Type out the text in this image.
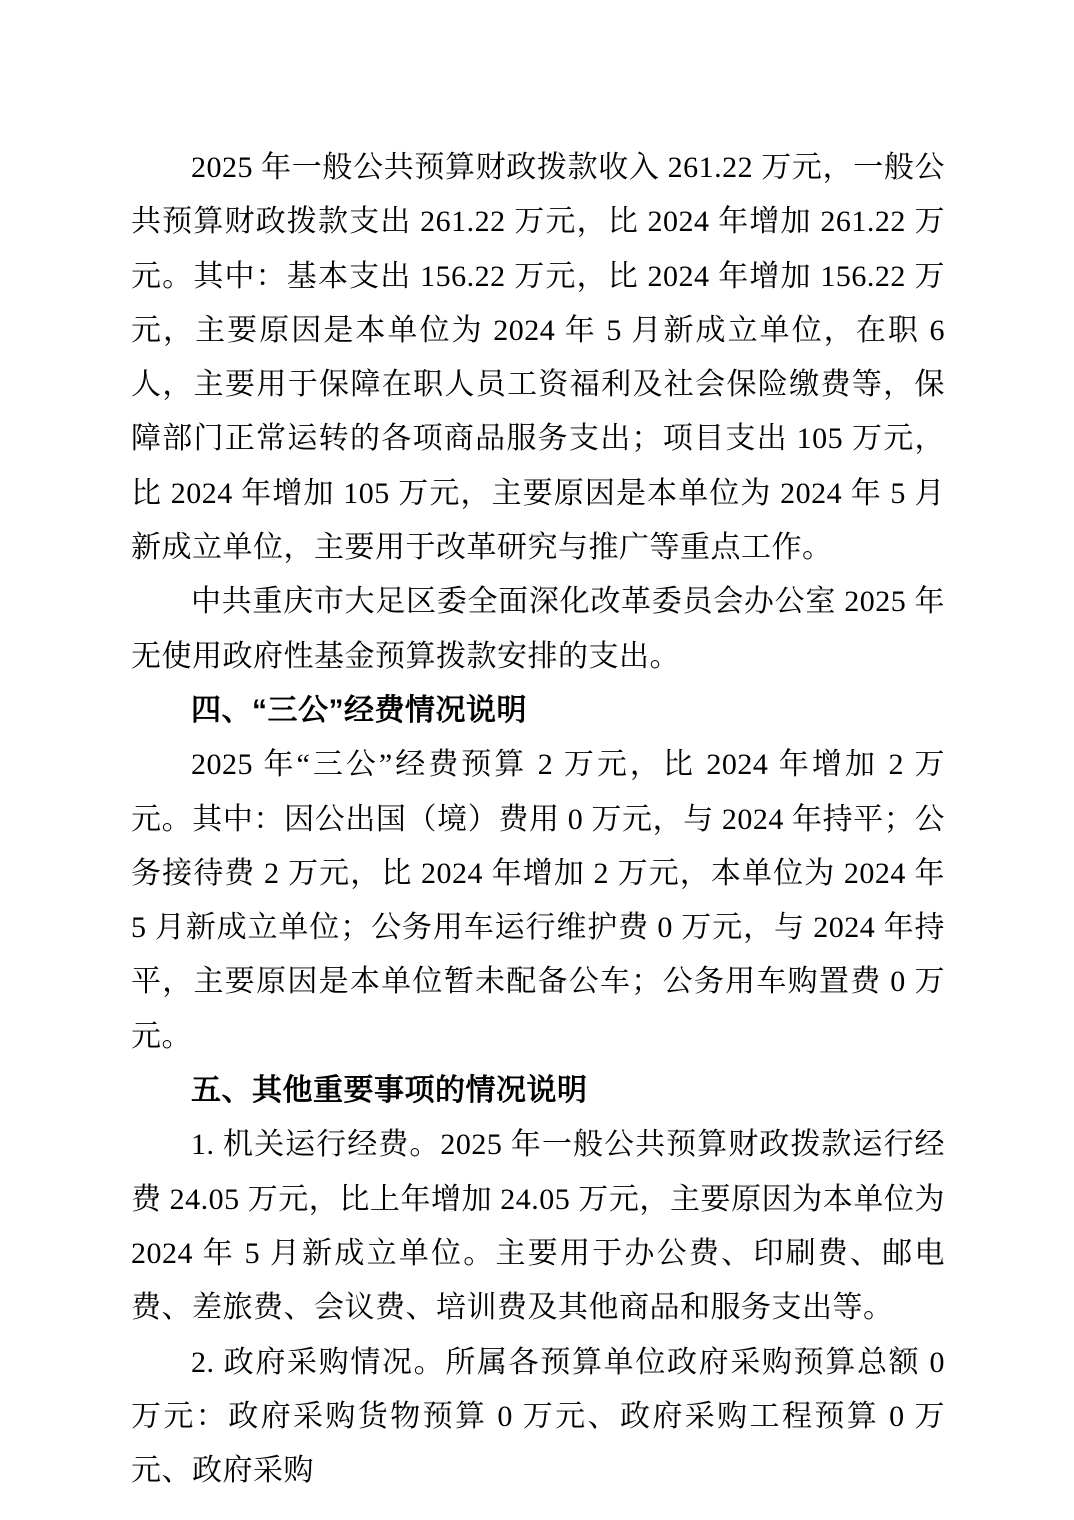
2025 年一般公共预算财政拨款收入 261.22 万元，一般公共预算财政拨款支出 261.22 万元，比 2024 年增加 261.22 万元。其中：基本支出 156.22 万元，比 2024 年增加 156.22 万元，主要原因是本单位为 2024 年 5 月新成立单位，在职 6 人，主要用于保障在职人员工资福利及社会保险缴费等，保障部门正常运转的各项商品服务支出；项目支出 105 万元，比 2024 年增加 105 万元，主要原因是本单位为 2024 年 5 月新成立单位，主要用于改革研究与推广等重点工作。

中共重庆市大足区委全面深化改革委员会办公室 2025 年无使用政府性基金预算拨款安排的支出。

四、“三公”经费情况说明

2025 年“三公”经费预算 2 万元，比 2024 年增加 2 万元。其中：因公出国（境）费用 0 万元，与 2024 年持平；公务接待费 2 万元，比 2024 年增加 2 万元，本单位为 2024 年 5 月新成立单位；公务用车运行维护费 0 万元，与 2024 年持平，主要原因是本单位暂未配备公车；公务用车购置费 0 万元。

五、其他重要事项的情况说明

1. 机关运行经费。2025 年一般公共预算财政拨款运行经费 24.05 万元，比上年增加 24.05 万元，主要原因为本单位为 2024 年 5 月新成立单位。主要用于办公费、印刷费、邮电费、差旅费、会议费、培训费及其他商品和服务支出等。

2. 政府采购情况。所属各预算单位政府采购预算总额 0 万元：政府采购货物预算 0 万元、政府采购工程预算 0 万元、政府采购
